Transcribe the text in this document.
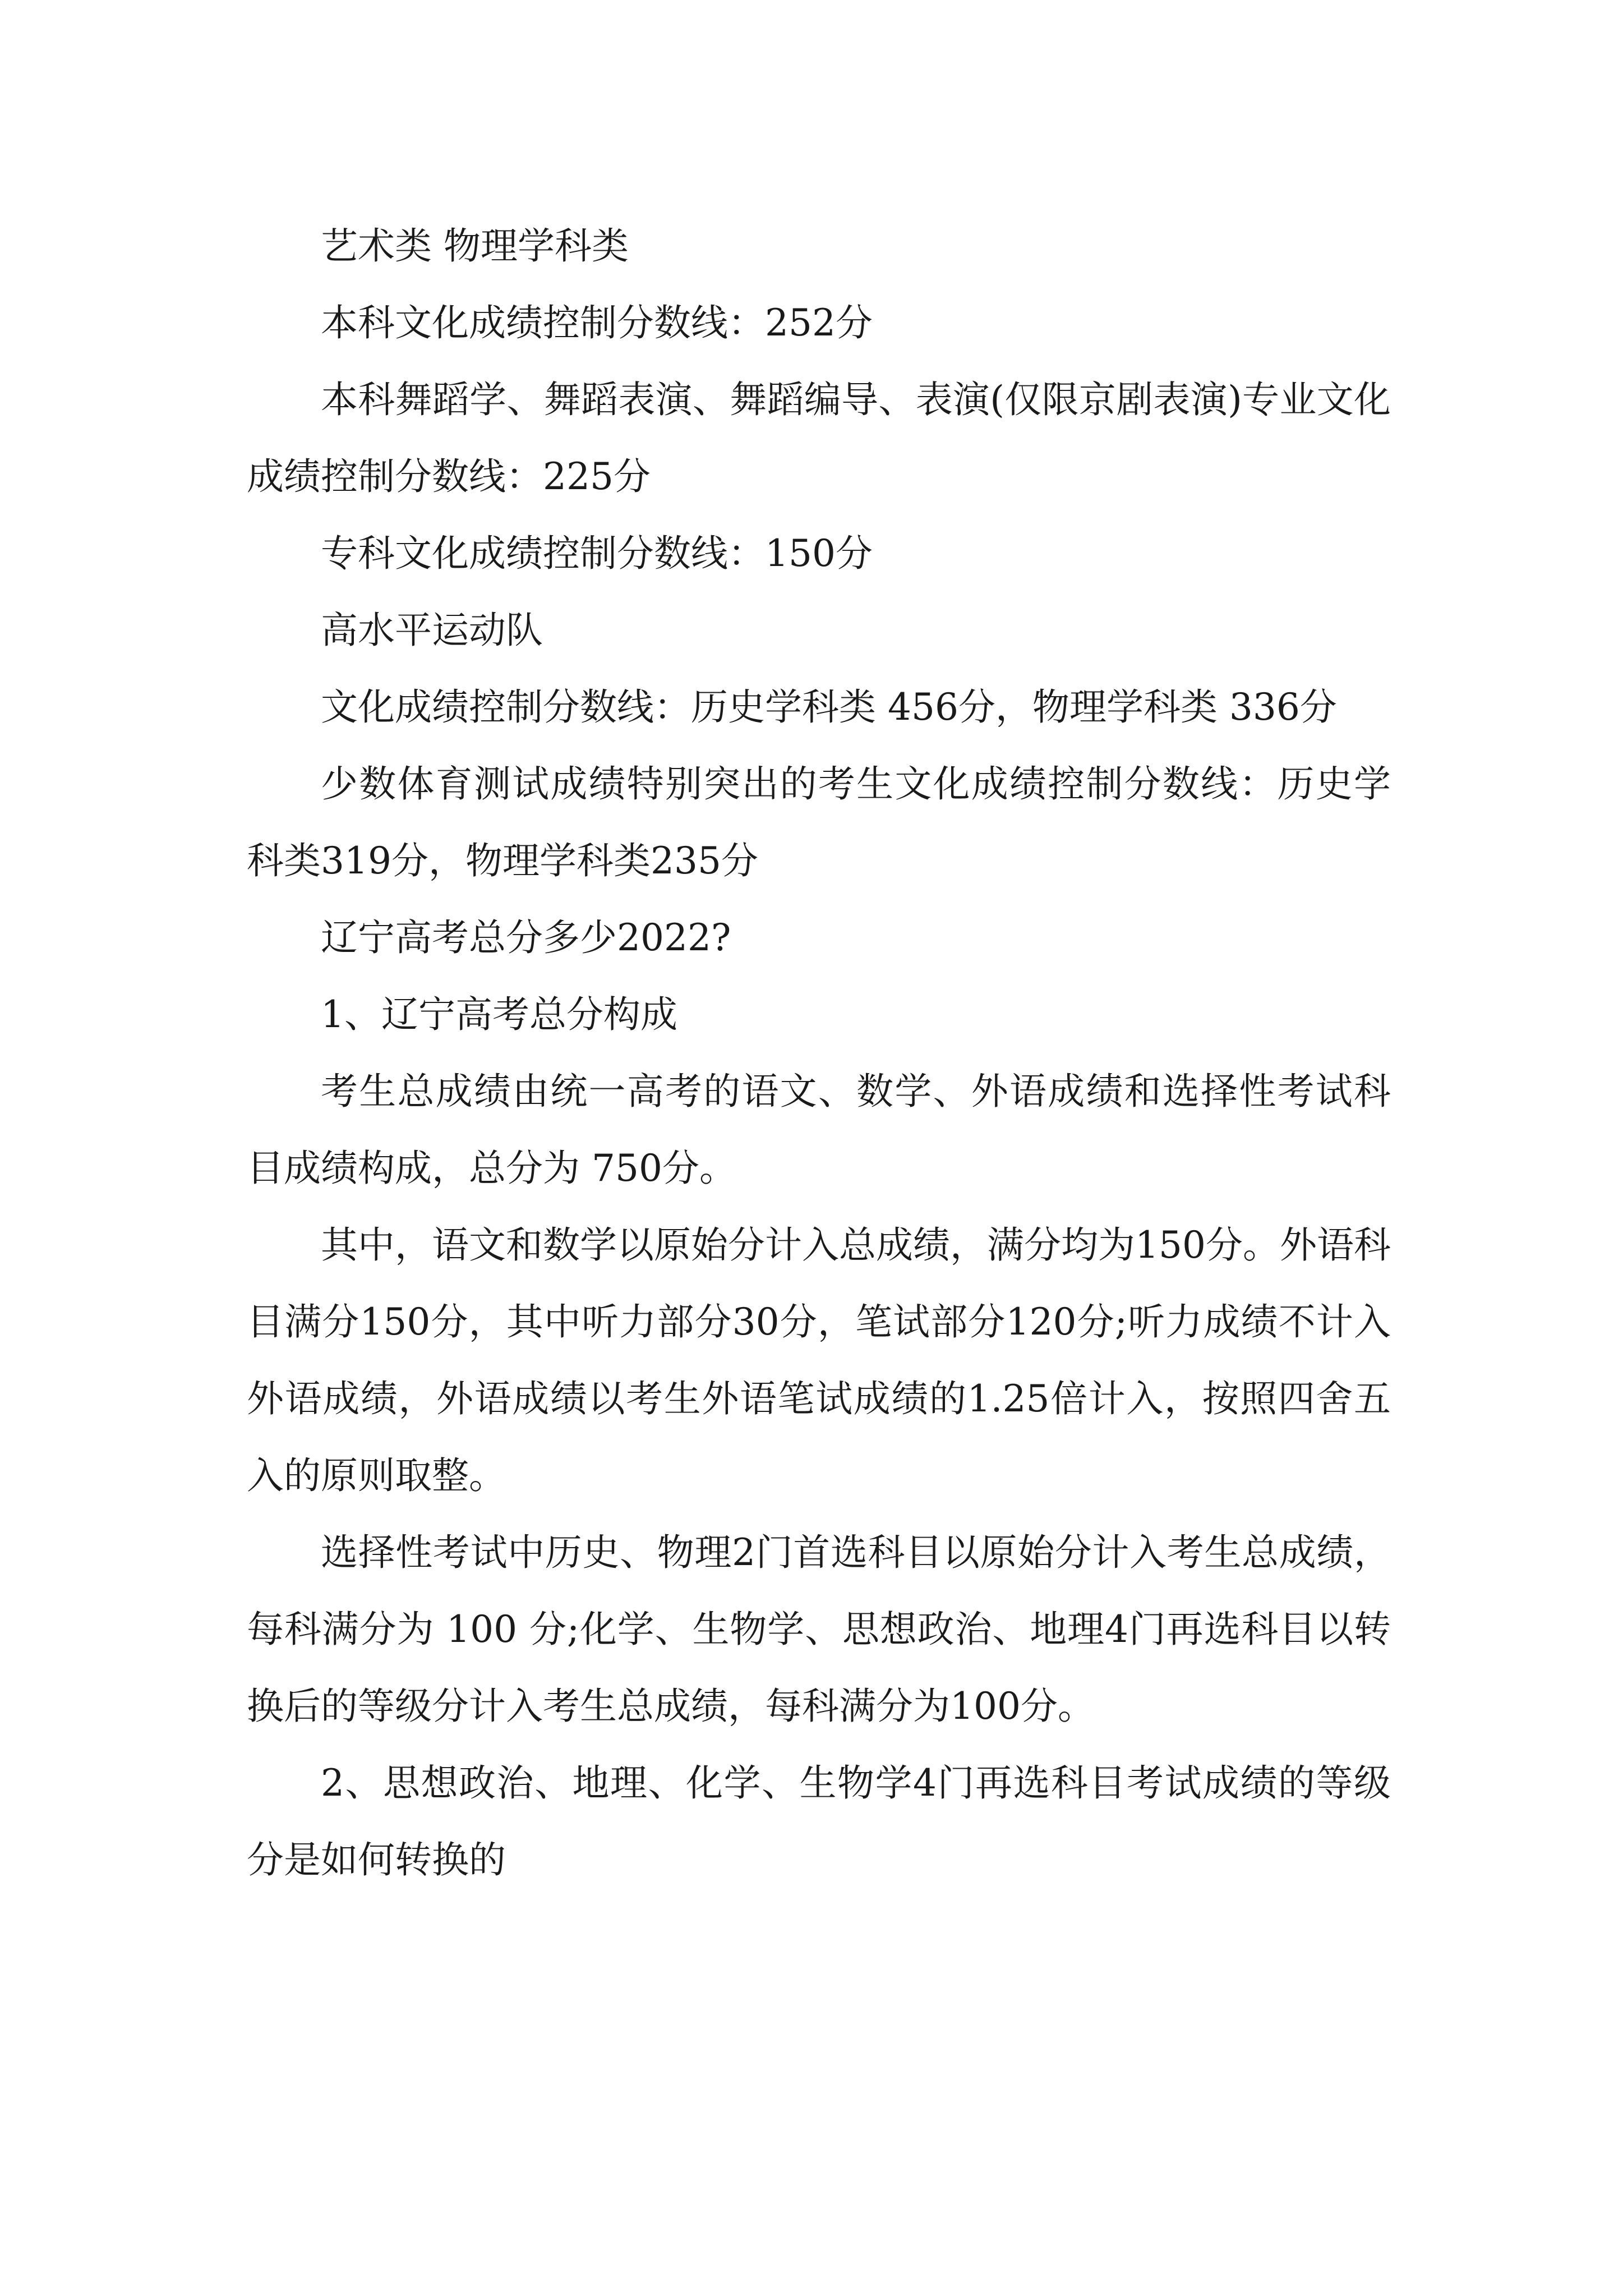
艺术类 物理学科类

本科文化成绩控制分数线：252分

本科舞蹈学、舞蹈表演、舞蹈编导、表演(仅限京剧表演)专业文化成绩控制分数线：225分

专科文化成绩控制分数线：150分

高水平运动队

文化成绩控制分数线：历史学科类 456分，物理学科类 336分

少数体育测试成绩特别突出的考生文化成绩控制分数线：历史学科类319分，物理学科类235分

辽宁高考总分多少2022?

1、辽宁高考总分构成

考生总成绩由统一高考的语文、数学、外语成绩和选择性考试科目成绩构成，总分为 750分。

其中，语文和数学以原始分计入总成绩，满分均为150分。外语科目满分150分，其中听力部分30分，笔试部分120分;听力成绩不计入外语成绩，外语成绩以考生外语笔试成绩的1.25倍计入，按照四舍五入的原则取整。

选择性考试中历史、物理2门首选科目以原始分计入考生总成绩，每科满分为 100 分;化学、生物学、思想政治、地理4门再选科目以转换后的等级分计入考生总成绩，每科满分为100分。

2、思想政治、地理、化学、生物学4门再选科目考试成绩的等级分是如何转换的
